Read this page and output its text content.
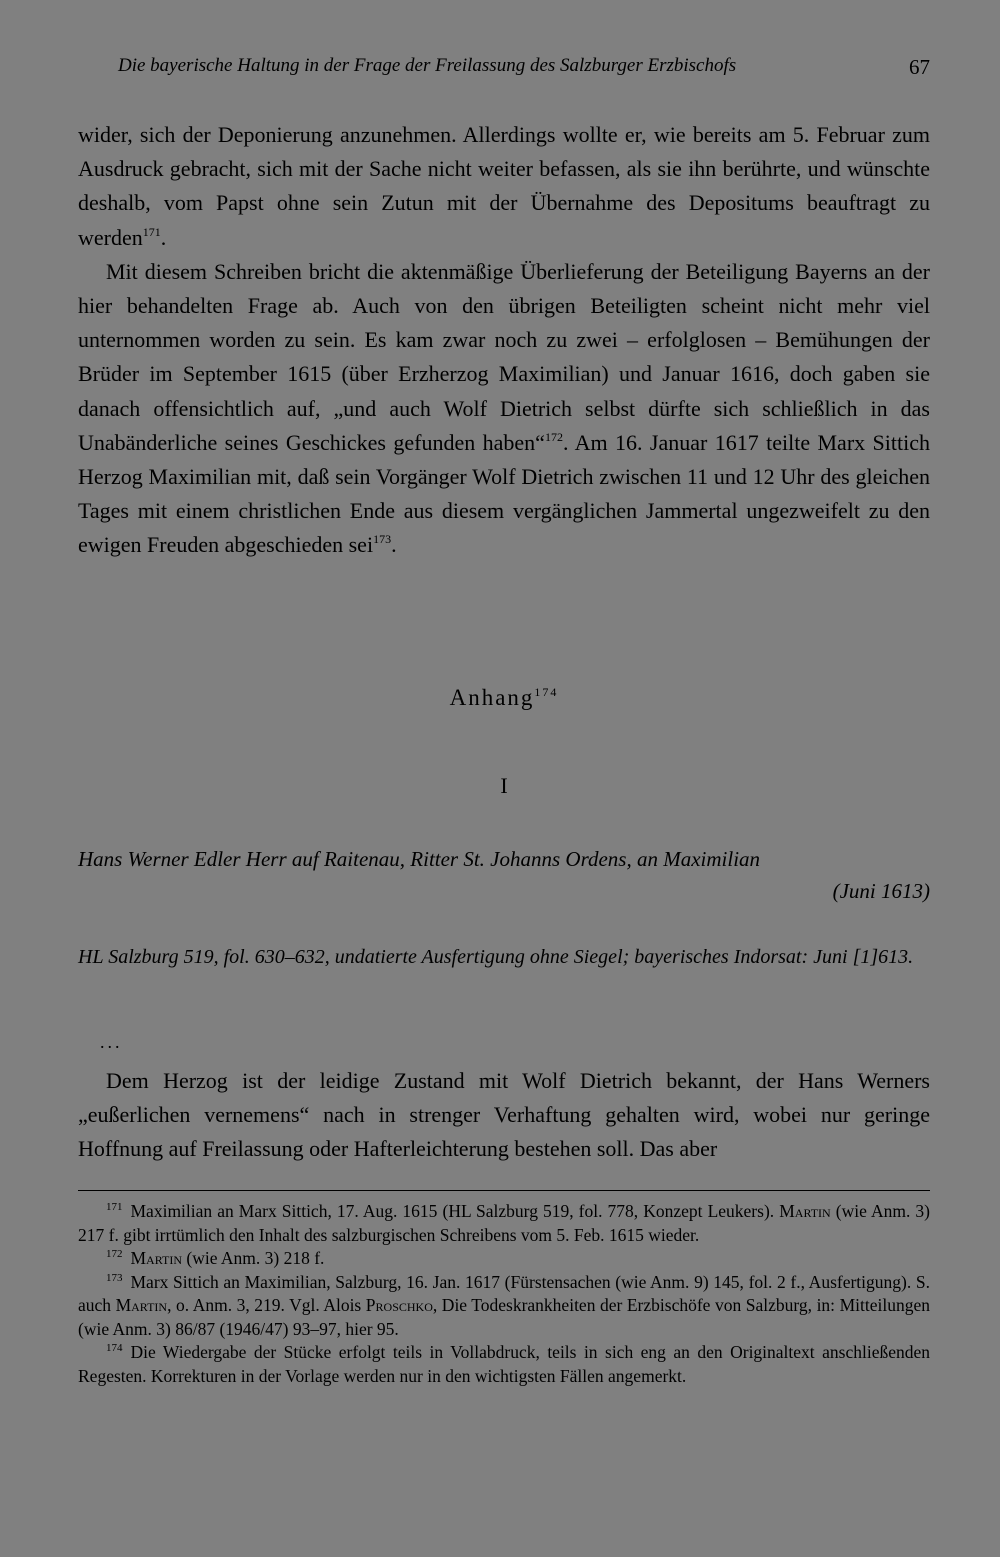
Die bayerische Haltung in der Frage der Freilassung des Salzburger Erzbischofs	67

wider, sich der Deponierung anzunehmen. Allerdings wollte er, wie bereits am 5. Februar zum Ausdruck gebracht, sich mit der Sache nicht weiter befassen, als sie ihn berührte, und wünschte deshalb, vom Papst ohne sein Zutun mit der Übernahme des Depositums beauftragt zu werden$^{171}$.

Mit diesem Schreiben bricht die aktenmäßige Überlieferung der Beteiligung Bayerns an der hier behandelten Frage ab. Auch von den übrigen Beteiligten scheint nicht mehr viel unternommen worden zu sein. Es kam zwar noch zu zwei – erfolglosen – Bemühungen der Brüder im September 1615 (über Erzherzog Maximilian) und Januar 1616, doch gaben sie danach offensichtlich auf, „und auch Wolf Dietrich selbst dürfte sich schließlich in das Unabänderliche seines Geschickes gefunden haben“$^{172}$. Am 16. Januar 1617 teilte Marx Sittich Herzog Maximilian mit, daß sein Vorgänger Wolf Dietrich zwischen 11 und 12 Uhr des gleichen Tages mit einem christlichen Ende aus diesem vergänglichen Jammertal ungezweifelt zu den ewigen Freuden abgeschieden sei$^{173}$.

Anhang$^{174}$
I
Hans Werner Edler Herr auf Raitenau, Ritter St. Johanns Ordens, an Maximilian
(Juni 1613)
HL Salzburg 519, fol. 630–632, undatierte Ausfertigung ohne Siegel; bayerisches Indorsat: Juni [1]613.
...

Dem Herzog ist der leidige Zustand mit Wolf Dietrich bekannt, der Hans Werners „eußerlichen vernemens“ nach in strenger Verhaftung gehalten wird, wobei nur geringe Hoffnung auf Freilassung oder Hafterleichterung bestehen soll. Das aber

$^{171}$ Maximilian an Marx Sittich, 17. Aug. 1615 (HL Salzburg 519, fol. 778, Konzept Leukers). Martin (wie Anm. 3) 217 f. gibt irrtümlich den Inhalt des salzburgischen Schreibens vom 5. Feb. 1615 wieder.

$^{172}$ Martin (wie Anm. 3) 218 f.

$^{173}$ Marx Sittich an Maximilian, Salzburg, 16. Jan. 1617 (Fürstensachen (wie Anm. 9) 145, fol. 2 f., Ausfertigung). S. auch Martin, o. Anm. 3, 219. Vgl. Alois Proschko, Die Todeskrankheiten der Erzbischöfe von Salzburg, in: Mitteilungen (wie Anm. 3) 86/87 (1946/47) 93–97, hier 95.

$^{174}$ Die Wiedergabe der Stücke erfolgt teils in Vollabdruck, teils in sich eng an den Originaltext anschließenden Regesten. Korrekturen in der Vorlage werden nur in den wichtigsten Fällen angemerkt.
